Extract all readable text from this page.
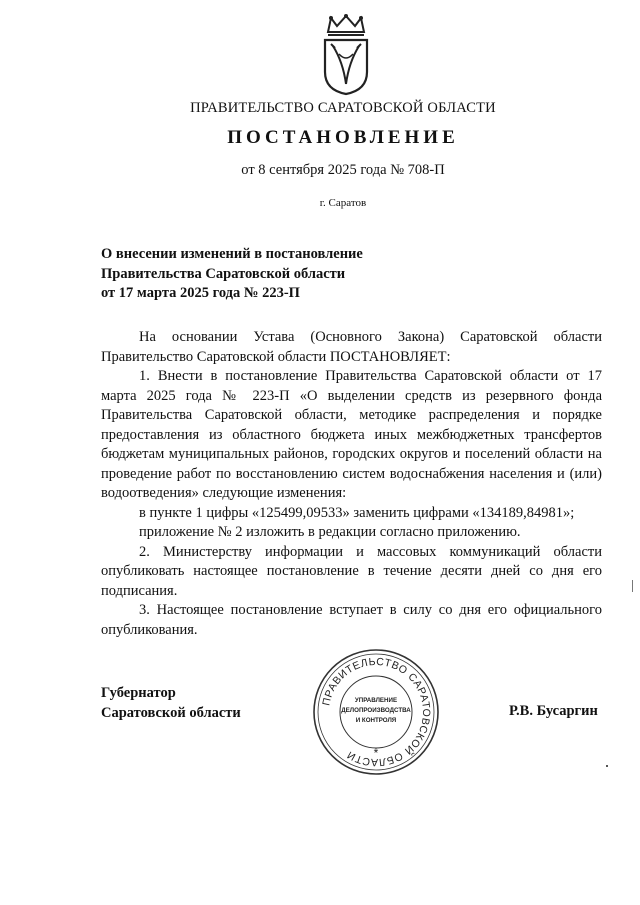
ПРАВИТЕЛЬСТВО САРАТОВСКОЙ ОБЛАСТИ
ПОСТАНОВЛЕНИЕ
от 8 сентября 2025 года № 708-П
г. Саратов
О внесении изменений в постановление
Правительства Саратовской области
от 17 марта 2025 года № 223-П

На основании Устава (Основного Закона) Саратовской области Правительство Саратовской области ПОСТАНОВЛЯЕТ:

1. Внести в постановление Правительства Саратовской области от 17 марта 2025 года № 223-П «О выделении средств из резервного фонда Правительства Саратовской области, методике распределения и порядке предоставления из областного бюджета иных межбюджетных трансфертов бюджетам муниципальных районов, городских округов и поселений области на проведение работ по восстановлению систем водоснабжения населения и (или) водоотведения» следующие изменения:

в пункте 1 цифры «125499,09533» заменить цифрами «134189,84981»;

приложение № 2 изложить в редакции согласно приложению.

2. Министерству информации и массовых коммуникаций области опубликовать настоящее постановление в течение десяти дней со дня его подписания.

3. Настоящее постановление вступает в силу со дня его официального опубликования.

Губернатор
Саратовской области
ПРАВИТЕЛЬСТВО САРАТОВСКОЙ ОБЛАСТИ
УПРАВЛЕНИЕ
ДЕЛОПРОИЗВОДСТВА
И КОНТРОЛЯ
*
Р.В. Бусаргин
